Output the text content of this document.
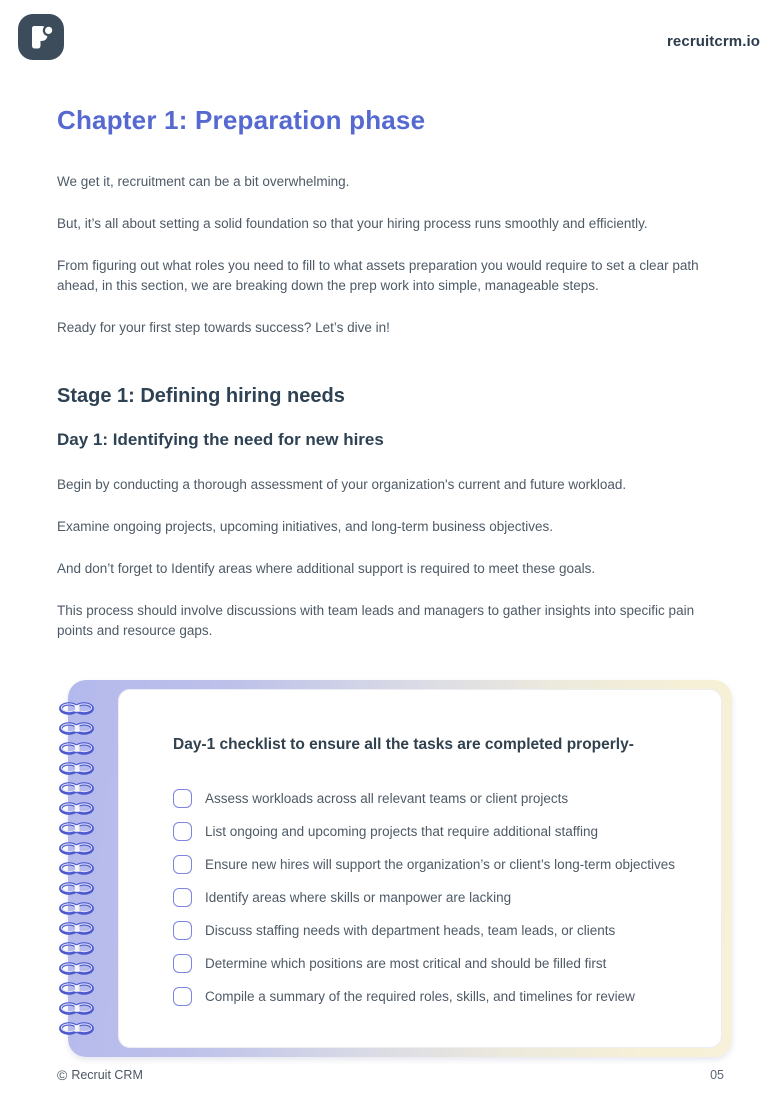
recruitcrm.io
Chapter 1: Preparation phase

We get it, recruitment can be a bit overwhelming.

But, it’s all about setting a solid foundation so that your hiring process runs smoothly and efficiently.

From figuring out what roles you need to fill to what assets preparation you would require to set a clear path ahead, in this section, we are breaking down the prep work into simple, manageable steps.

Ready for your first step towards success? Let’s dive in!

Stage 1: Defining hiring needs
Day 1: Identifying the need for new hires

Begin by conducting a thorough assessment of your organization's current and future workload.

Examine ongoing projects, upcoming initiatives, and long-term business objectives.

And don’t forget to Identify areas where additional support is required to meet these goals.

This process should involve discussions with team leads and managers to gather insights into specific pain points and resource gaps.

Day-1 checklist to ensure all the tasks are completed properly-

Assess workloads across all relevant teams or client projects
List ongoing and upcoming projects that require additional staffing
Ensure new hires will support the organization’s or client’s long-term objectives
Identify areas where skills or manpower are lacking
Discuss staffing needs with department heads, team leads, or clients
Determine which positions are most critical and should be filled first
Compile a summary of the required roles, skills, and timelines for review
© Recruit CRM	05
